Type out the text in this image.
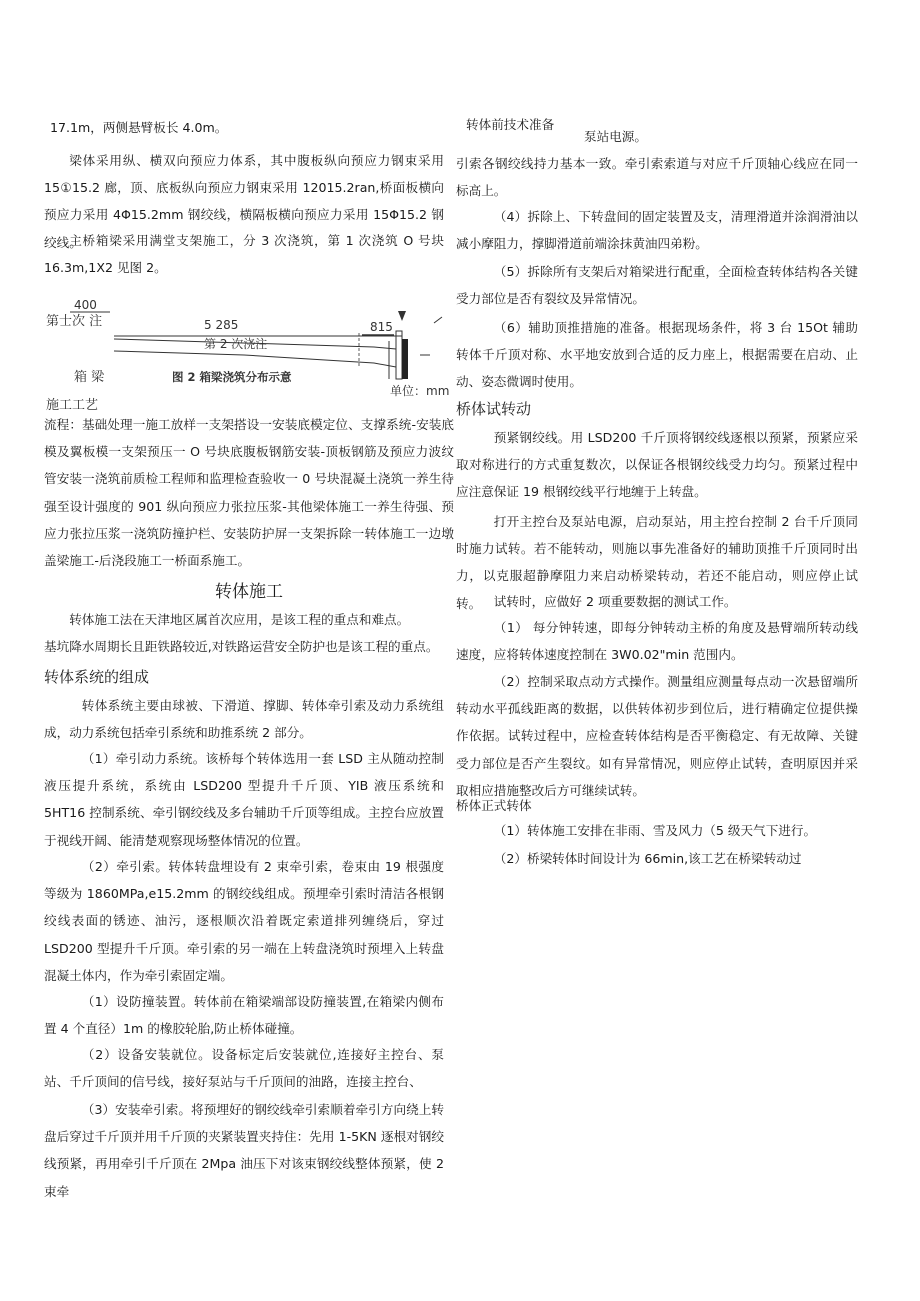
17.1m，两侧悬臂板长 4.0m。

梁体采用纵、横双向预应力体系，其中腹板纵向预应力钢束采用 15①15.2 廊，顶、底板纵向预应力钢束采用 12015.2ran,桥面板横向预应力采用 4Φ15.2mm 钢绞线，横隔板横向预应力采用 15Φ15.2 钢绞线。

主桥箱梁采用满堂支架施工，分 3 次浇筑，第 1 次浇筑 O 号块 16.3m,1X2 见图 2。

400
第士次 注	5 285	815
第 2 次浇注
箱 梁	图 2 箱梁浇筑分布示意
单位：mm
施工工艺

流程：基础处理一施工放样一支架搭设一安装底模定位、支撑系统-安装底模及翼板模一支架预压一 O 号块底腹板钢筋安装-顶板钢筋及预应力波纹管安装一浇筑前质检工程师和监理检查验收一 0 号块混凝土浇筑一养生待强至设计强度的 901 纵向预应力张拉压浆-其他梁体施工一养生待强、预应力张拉压浆一浇筑防撞护栏、安装防护屏一支架拆除一转体施工一边墩盖梁施工-后浇段施工一桥面系施工。

转体施工

转体施工法在天津地区属首次应用，是该工程的重点和难点。

基坑降水周期长且距铁路较近,对铁路运营安全防护也是该工程的重点。

转体系统的组成

转体系统主要由球被、下滑道、撑脚、转体牵引索及动力系统组成，动力系统包括牵引系统和助推系统 2 部分。

（1）牵引动力系统。该桥每个转体选用一套 LSD 主从随动控制液压提升系统，系统由 LSD200 型提升千斤顶、YIB 液压系统和 5HT16 控制系统、牵引钢绞线及多台辅助千斤顶等组成。主控台应放置于视线开阔、能清楚观察现场整体情况的位置。

（2）牵引索。转体转盘埋设有 2 束牵引索，卷束由 19 根强度等级为 1860MPa,e15.2mm 的钢绞线组成。预埋牵引索时清洁各根钢绞线表面的锈迹、油污，逐根顺次沿着既定索道排列缠绕后，穿过 LSD200 型提升千斤顶。牵引索的另一端在上转盘浇筑时预埋入上转盘混凝土体内，作为牵引索固定端。

（1）设防撞装置。转体前在箱梁端部设防撞装置,在箱梁内侧布置 4 个直径）1m 的橡胶轮胎,防止桥体碰撞。

（2）设备安装就位。设备标定后安装就位,连接好主控台、泵站、千斤顶间的信号线，接好泵站与千斤顶间的油路，连接主控台、

（3）安装牵引索。将预埋好的钢绞线牵引索顺着牵引方向绕上转盘后穿过千斤顶并用千斤顶的夹紧装置夹持住：先用 1-5KN 逐根对钢绞线预紧，再用牵引千斤顶在 2Mpa 油压下对该束钢绞线整体预紧，使 2 束牵

转体前技术准备
泵站电源。

引索各钢绞线持力基本一致。牵引索索道与对应千斤顶轴心线应在同一标高上。

（4）拆除上、下转盘间的固定装置及支，清理滑道并涂润滑油以减小摩阻力，撑脚滑道前端涂抹黄油四弟粉。

（5）拆除所有支架后对箱梁进行配重，全面检查转体结构各关键受力部位是否有裂纹及异常情况。

（6）辅助顶推措施的准备。根据现场条件，将 3 台 15Ot 辅助转体千斤顶对称、水平地安放到合适的反力座上，根据需要在启动、止动、姿态微调时使用。

桥体试转动

预紧钢绞线。用 LSD200 千斤顶将钢绞线逐根以预紧，预紧应采取对称进行的方式重复数次，以保证各根钢绞线受力均匀。预紧过程中应注意保证 19 根钢绞线平行地缠于上转盘。

打开主控台及泵站电源，启动泵站，用主控台控制 2 台千斤顶同时施力试转。若不能转动，则施以事先准备好的辅助顶推千斤顶同时出力，以克服超静摩阻力来启动桥梁转动，若还不能启动，则应停止试转。	试转时，应做好 2 项重要数据的测试工作。

（1） 每分钟转速，即每分钟转动主桥的角度及悬臂端所转动线速度，应将转体速度控制在 3W0.02"min 范围内。

（2）控制采取点动方式操作。测量组应测量每点动一次悬留端所转动水平孤线距离的数据，以供转体初步到位后，进行精确定位提供操作依据。试转过程中，应检查转体结构是否平衡稳定、有无故障、关键受力部位是否产生裂纹。如有异常情况，则应停止试转，查明原因并采取相应措施整改后方可继续试转。

桥体正式转体

（1）转体施工安排在非雨、雪及风力（5 级天气下进行。

（2）桥梁转体时间设计为 66min,该工艺在桥梁转动过
